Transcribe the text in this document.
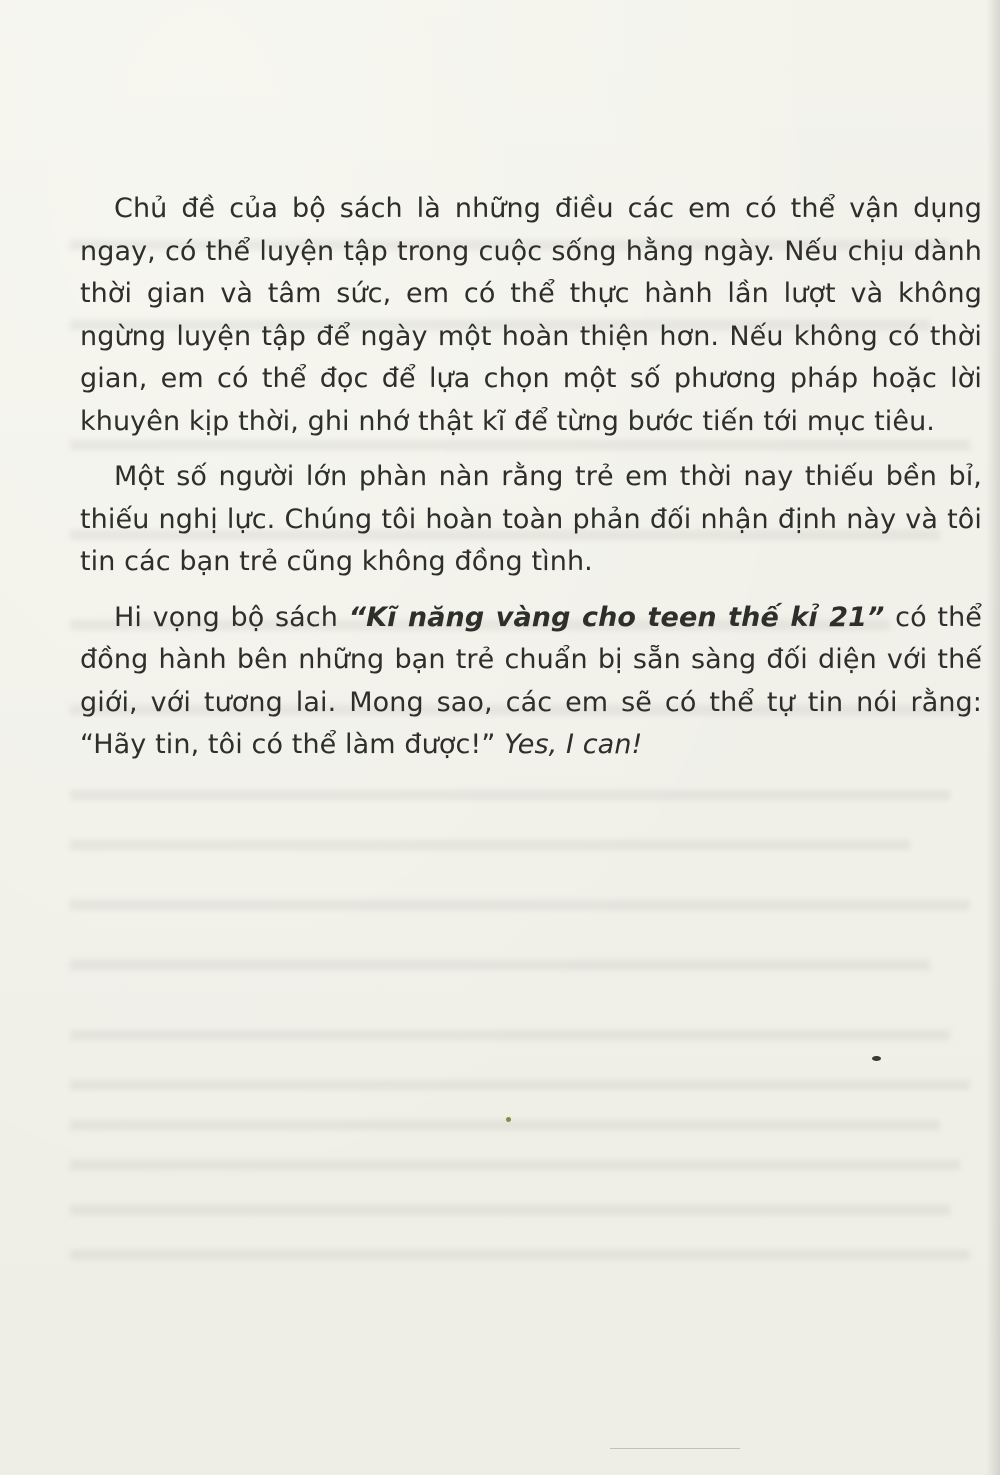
Chủ đề của bộ sách là những điều các em có thể vận dụng ngay, có thể luyện tập trong cuộc sống hằng ngày. Nếu chịu dành thời gian và tâm sức, em có thể thực hành lần lượt và không ngừng luyện tập để ngày một hoàn thiện hơn. Nếu không có thời gian, em có thể đọc để lựa chọn một số phương pháp hoặc lời khuyên kịp thời, ghi nhớ thật kĩ để từng bước tiến tới mục tiêu.

Một số người lớn phàn nàn rằng trẻ em thời nay thiếu bền bỉ, thiếu nghị lực. Chúng tôi hoàn toàn phản đối nhận định này và tôi tin các bạn trẻ cũng không đồng tình.

Hi vọng bộ sách “Kĩ năng vàng cho teen thế kỉ 21” có thể đồng hành bên những bạn trẻ chuẩn bị sẵn sàng đối diện với thế giới, với tương lai. Mong sao, các em sẽ có thể tự tin nói rằng: “Hãy tin, tôi có thể làm được!” Yes, I can!
